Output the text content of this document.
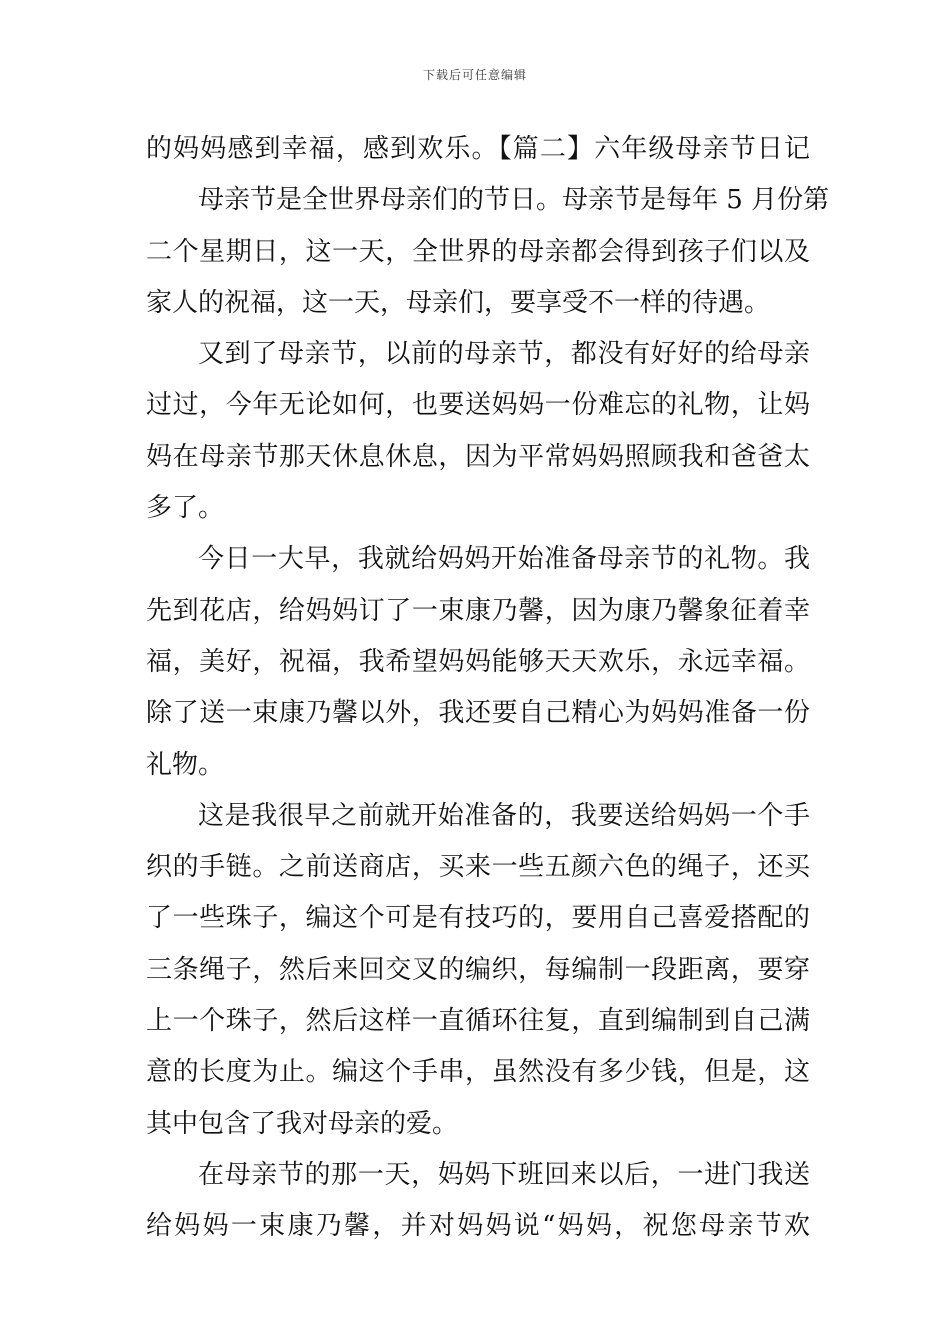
下载后可任意编辑
的妈妈感到幸福，感到欢乐。【篇二】六年级母亲节日记
母亲节是全世界母亲们的节日。母亲节是每年 5 月份第
二个星期日，这一天，全世界的母亲都会得到孩子们以及
家人的祝福，这一天，母亲们，要享受不一样的待遇。
又到了母亲节，以前的母亲节，都没有好好的给母亲
过过，今年无论如何，也要送妈妈一份难忘的礼物，让妈
妈在母亲节那天休息休息，因为平常妈妈照顾我和爸爸太
多了。
今日一大早，我就给妈妈开始准备母亲节的礼物。我
先到花店，给妈妈订了一束康乃馨，因为康乃馨象征着幸
福，美好，祝福，我希望妈妈能够天天欢乐，永远幸福。
除了送一束康乃馨以外，我还要自己精心为妈妈准备一份
礼物。
这是我很早之前就开始准备的，我要送给妈妈一个手
织的手链。之前送商店，买来一些五颜六色的绳子，还买
了一些珠子，编这个可是有技巧的，要用自己喜爱搭配的
三条绳子，然后来回交叉的编织，每编制一段距离，要穿
上一个珠子，然后这样一直循环往复，直到编制到自己满
意的长度为止。编这个手串，虽然没有多少钱，但是，这
其中包含了我对母亲的爱。
在母亲节的那一天，妈妈下班回来以后，一进门我送
给妈妈一束康乃馨，并对妈妈说“妈妈，祝您母亲节欢
